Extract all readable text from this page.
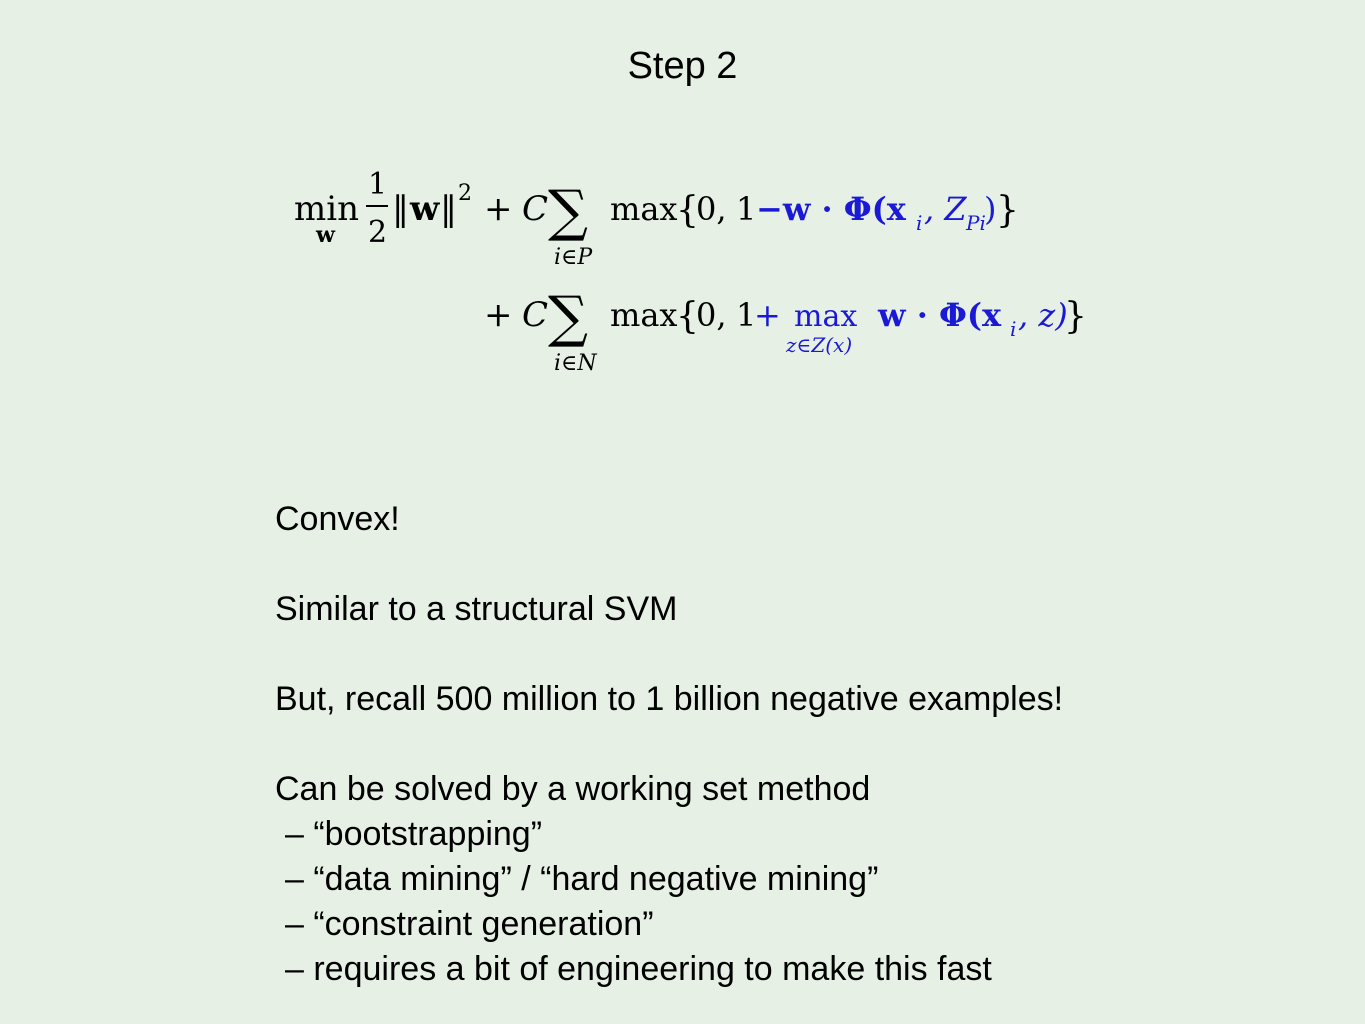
Step 2
min
w
1
2
‖ w ‖ 2 + C ∑
i∈P
max
{
0, 1 −w · Φ(x i , Z Pi
) }
+ C ∑
i∈N
max
{
0, 1
+ max
z∈Z(x)
w · Φ(x i , z)
}

Convex!

Similar to a structural SVM

But, recall 500 million to 1 billion negative examples!

Can be solved by a working set method

– “bootstrapping”

– “data mining” / “hard negative mining”

– “constraint generation”

– requires a bit of engineering to make this fast
